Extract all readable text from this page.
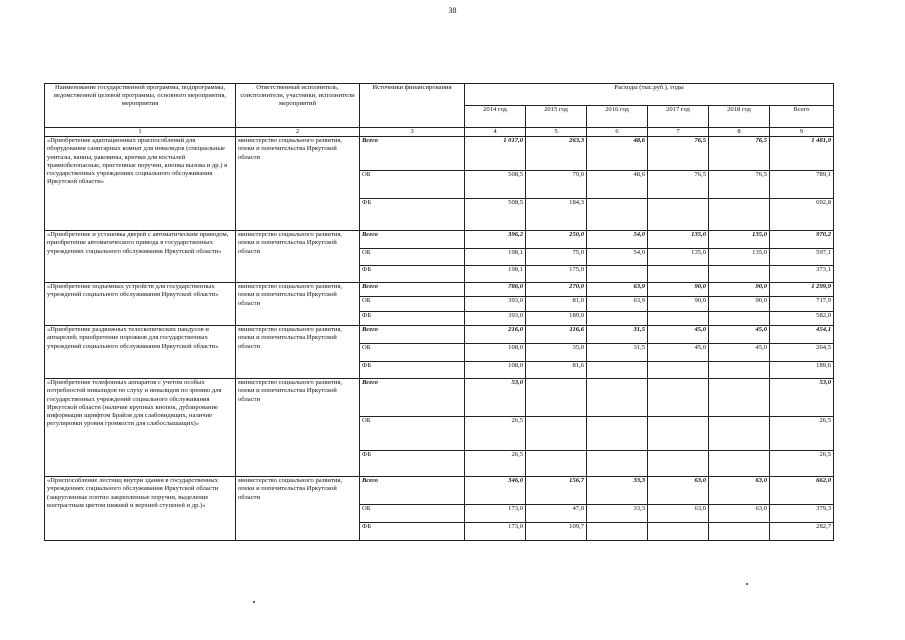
38
Наименование государственной программы, подпрограммы, ведомственной целевой программы, основного мероприятия, мероприятия	Ответственный исполнитель, соисполнители, участники, исполнители мероприятий	Источники финансирования	Расходы (тыс.руб.), годы					
			2014 год	2015 год	2016 год	2017 год	2018 год	Всего
1	2	3	4	5	6	7	8	9
«Приобретение адаптационных приспособлений для оборудования санитарных комнат для инвалидов (специальные унитазы, ванны, раковины, крючки для костылей травмобезопасные, пристенные поручни, кнопка вызова и др.) в государственных учреждениях социального обслуживания Иркутской области»	министерство социального развития, опеки и попечительства Иркутской области	Всего	1 017,0	263,3	48,6	76,5	76,5	1 481,9
		ОБ	508,5	79,0	48,6	76,5	76,5	789,1
		ФБ	508,5	184,3				692,8
«Приобретение и установка дверей с автоматическим приводом, приобретение автоматического привода в государственных учреждениях социального обслуживания Иркутской области»	министерство социального развития, опеки и попечительства Иркутской области	Всего	396,2	250,0	54,0	135,0	135,0	970,2
		ОБ	198,1	75,0	54,0	135,0	135,0	597,1
		ФБ	198,1	175,0				373,1
«Приобретение подъемных устройств для государственных учреждений социального обслуживания Иркутской области»	министерство социального развития, опеки и попечительства Иркутской области	Всего	786,0	270,0	63,9	90,0	90,0	1 299,9
		ОБ	393,0	81,0	63,9	90,0	90,0	717,9
		ФБ	393,0	189,0				582,0
«Приобретение раздвижных телескопических пандусов и аппарелей; приобретение порожков для государственных учреждений социального обслуживания Иркутской области»	министерство социального развития, опеки и попечительства Иркутской области	Всего	216,0	116,6	31,5	45,0	45,0	454,1
		ОБ	108,0	35,0	31,5	45,0	45,0	264,5
		ФБ	108,0	81,6				189,6
«Приобретение телефонных аппаратов с учетом особых потребностей инвалидов по слуху и инвалидов по зрению для государственных учреждений социального обслуживания Иркутской области (наличие крупных кнопок, дублирование информации шрифтом Брайля для слабовидящих, наличие регулировки уровня громкости для слабослышащих)»	министерство социального развития, опеки и попечительства Иркутской области	Всего	53,0					53,0
		ОБ	26,5					26,5
		ФБ	26,5					26,5
«Приспособление лестниц внутри здания в государственных учреждениях социального обслуживания Иркутской области (закругленные плотно закрепленные поручни, выделение контрастным цветом нижней и верхней ступеней и др.)»	министерство социального развития, опеки и попечительства Иркутской области	Всего	346,0	156,7	33,3	63,0	63,0	662,0
		ОБ	173,0	47,0	33,3	63,0	63,0	379,3
		ФБ	173,0	109,7				282,7
